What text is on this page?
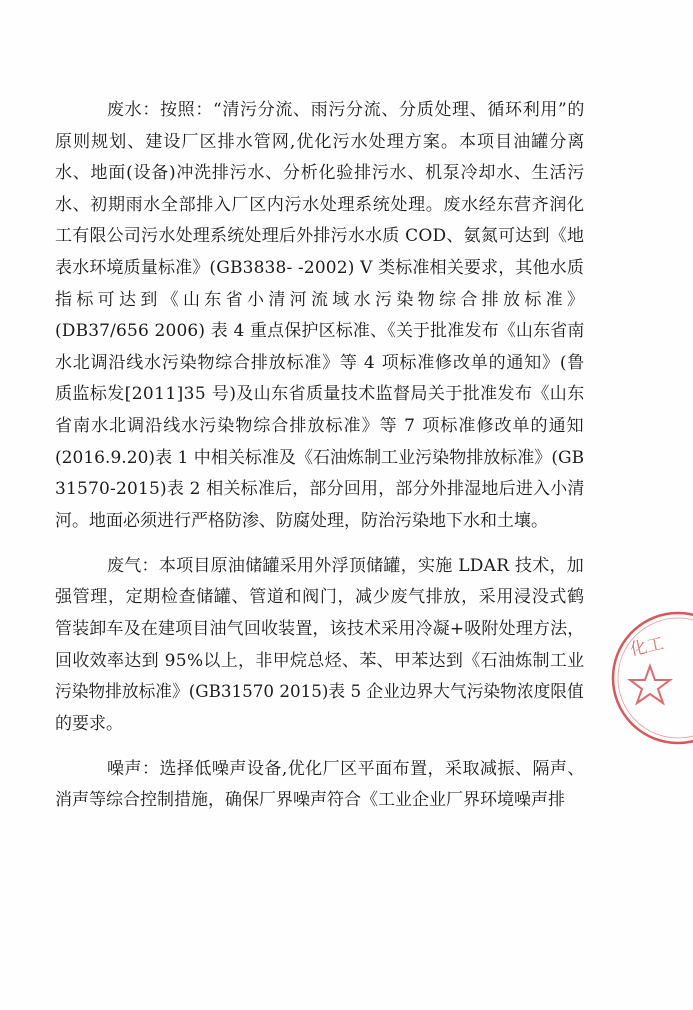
废水：按照：“清污分流、雨污分流、分质处理、循环利用”的
原则规划、建设厂区排水管网,优化污水处理方案。本项目油罐分离
水、地面(设备)冲洗排污水、分析化验排污水、机泵冷却水、生活污
水、初期雨水全部排入厂区内污水处理系统处理。废水经东营齐润化
工有限公司污水处理系统处理后外排污水水质 COD、氨氮可达到《地
表水环境质量标准》(GB3838- -2002) V 类标准相关要求，其他水质
指标可达到《山东省小清河流域水污染物综合排放标准》
(DB37/656 2006) 表 4 重点保护区标准、《关于批准发布《山东省南
水北调沿线水污染物综合排放标准》等 4 项标准修改单的通知》(鲁
质监标发[2011]35 号)及山东省质量技术监督局关于批准发布《山东
省南水北调沿线水污染物综合排放标准》等 7 项标准修改单的通知
(2016.9.20)表 1 中相关标准及《石油炼制工业污染物排放标准》(GB
31570-2015)表 2 相关标准后，部分回用，部分外排湿地后进入小清
河。地面必须进行严格防渗、防腐处理，防治污染地下水和土壤。
废气：本项目原油储罐采用外浮顶储罐，实施 LDAR 技术，加
强管理，定期检查储罐、管道和阀门，减少废气排放，采用浸没式鹤
管装卸车及在建项目油气回收装置，该技术采用冷凝+吸附处理方法，
回收效率达到 95%以上，非甲烷总烃、苯、甲苯达到《石油炼制工业
污染物排放标准》(GB31570 2015)表 5 企业边界大气污染物浓度限值
的要求。
噪声：选择低噪声设备,优化厂区平面布置，采取减振、隔声、
消声等综合控制措施，确保厂界噪声符合《工业企业厂界环境噪声排
化工
